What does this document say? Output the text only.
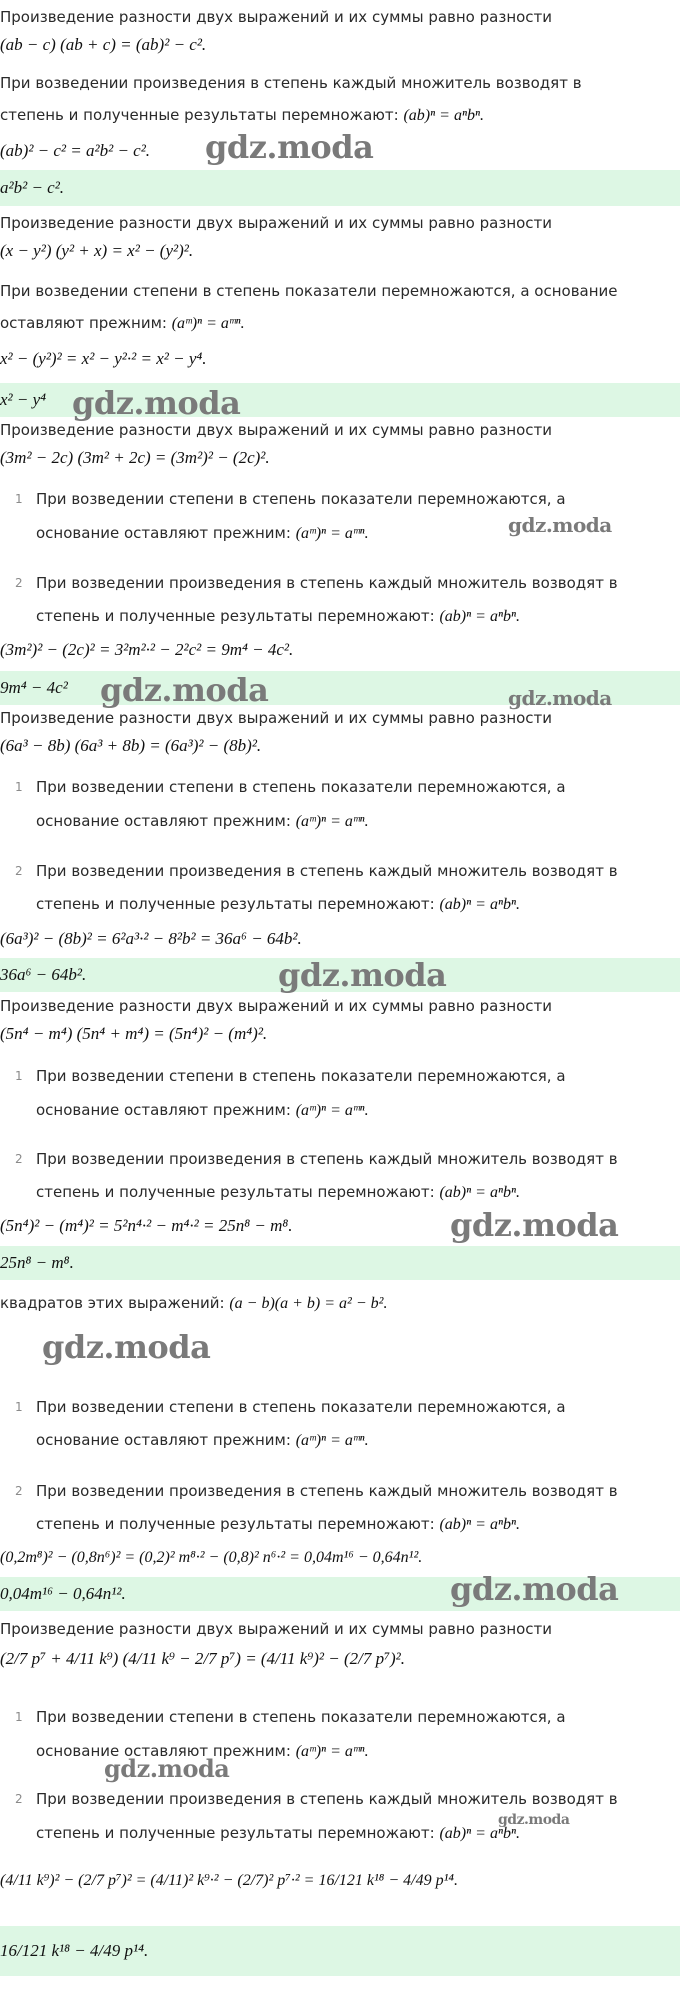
Произведение разности двух выражений и их суммы равно разности
(ab − c) (ab + c) = (ab)² − c².
При возведении произведения в степень каждый множитель возводят в
степень и полученные результаты перемножают: (ab)ⁿ = aⁿbⁿ.
(ab)² − c² = a²b² − c².
a²b² − c².
gdz.moda
Произведение разности двух выражений и их суммы равно разности
(x − y²) (y² + x) = x² − (y²)².
При возведении степени в степень показатели перемножаются, а основание
оставляют прежним: (aᵐ)ⁿ = aᵐⁿ.
x² − (y²)² = x² − y²·² = x² − y⁴.
x² − y⁴ gdz.moda
Произведение разности двух выражений и их суммы равно разности
(3m² − 2c) (3m² + 2c) = (3m²)² − (2c)².
1 При возведении степени в степень показатели перемножаются, а
основание оставляют прежним: (aᵐ)ⁿ = aᵐⁿ.	gdz.moda
2 При возведении произведения в степень каждый множитель возводят в
степень и полученные результаты перемножают: (ab)ⁿ = aⁿbⁿ.
(3m²)² − (2c)² = 3²m²·² − 2²c² = 9m⁴ − 4c².
9m⁴ − 4c² gdz.moda	gdz.moda
Произведение разности двух выражений и их суммы равно разности
(6a³ − 8b) (6a³ + 8b) = (6a³)² − (8b)².
1 При возведении степени в степень показатели перемножаются, а
основание оставляют прежним: (aᵐ)ⁿ = aᵐⁿ.
2 При возведении произведения в степень каждый множитель возводят в
степень и полученные результаты перемножают: (ab)ⁿ = aⁿbⁿ.
(6a³)² − (8b)² = 6²a³·² − 8²b² = 36a⁶ − 64b².
36a⁶ − 64b².	gdz.moda
Произведение разности двух выражений и их суммы равно разности
(5n⁴ − m⁴) (5n⁴ + m⁴) = (5n⁴)² − (m⁴)².
1 При возведении степени в степень показатели перемножаются, а
основание оставляют прежним: (aᵐ)ⁿ = aᵐⁿ.
2 При возведении произведения в степень каждый множитель возводят в
степень и полученные результаты перемножают: (ab)ⁿ = aⁿbⁿ.
(5n⁴)² − (m⁴)² = 5²n⁴·² − m⁴·² = 25n⁸ − m⁸.	gdz.moda
25n⁸ − m⁸.
квадратов этих выражений: (a − b)(a + b) = a² − b².
gdz.moda
1 При возведении степени в степень показатели перемножаются, а
основание оставляют прежним: (aᵐ)ⁿ = aᵐⁿ.
2 При возведении произведения в степень каждый множитель возводят в
степень и полученные результаты перемножают: (ab)ⁿ = aⁿbⁿ.
(0,2m⁸)² − (0,8n⁶)² = (0,2)² m⁸·² − (0,8)² n⁶·² = 0,04m¹⁶ − 0,64n¹².
0,04m¹⁶ − 0,64n¹².	gdz.moda
Произведение разности двух выражений и их суммы равно разности
(2/7 p⁷ + 4/11 k⁹) (4/11 k⁹ − 2/7 p⁷) = (4/11 k⁹)² − (2/7 p⁷)².
1 При возведении степени в степень показатели перемножаются, а
основание оставляют прежним: (aᵐ)ⁿ = aᵐⁿ.
gdz.moda
2 При возведении произведения в степень каждый множитель возводят в
степень и полученные результаты перемножают: (ab)ⁿ = aⁿbⁿ.
gdz.moda
(4/11 k⁹)² − (2/7 p⁷)² = (4/11)² k⁹·² − (2/7)² p⁷·² = 16/121 k¹⁸ − 4/49 p¹⁴.
16/121 k¹⁸ − 4/49 p¹⁴.
